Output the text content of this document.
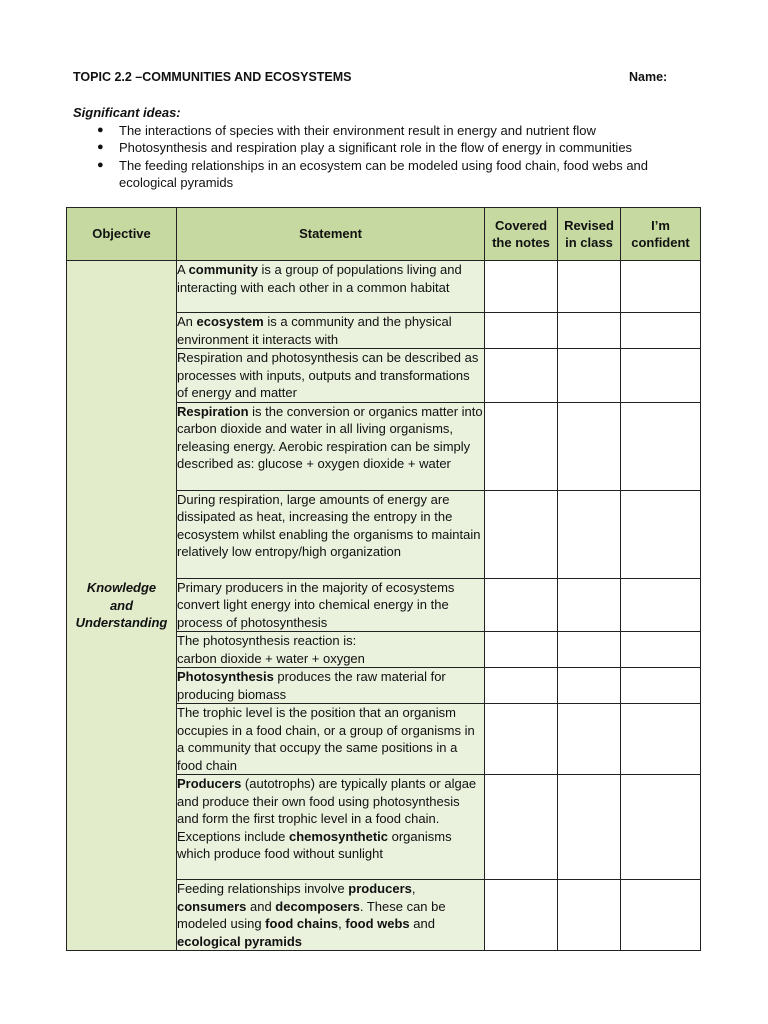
TOPIC 2.2 –COMMUNITIES AND ECOSYSTEMS	Name:
Significant ideas:
● The interactions of species with their environment result in energy and nutrient flow
● Photosynthesis and respiration play a significant role in the flow of energy in communities
● The feeding relationships in an ecosystem can be modeled using food chain, food webs and ecological pyramids
Objective	Statement	Covered the notes	Revised in class	I’m confident

Knowledge
and
Understanding	A community is a group of populations living and interacting with each other in a common habitat			
	An ecosystem is a community and the physical environment it interacts with			
	Respiration and photosynthesis can be described as processes with inputs, outputs and transformations of energy and matter			
	Respiration is the conversion or organics matter into carbon dioxide and water in all living organisms, releasing energy. Aerobic respiration can be simply described as: glucose + oxygen dioxide + water			
	During respiration, large amounts of energy are dissipated as heat, increasing the entropy in the ecosystem whilst enabling the organisms to maintain relatively low entropy/high organization			
	Primary producers in the majority of ecosystems convert light energy into chemical energy in the process of photosynthesis			
	The photosynthesis reaction is:
carbon dioxide + water + oxygen			
	Photosynthesis produces the raw material for producing biomass			
	The trophic level is the position that an organism occupies in a food chain, or a group of organisms in a community that occupy the same positions in a food chain			
	Producers (autotrophs) are typically plants or algae and produce their own food using photosynthesis and form the first trophic level in a food chain. Exceptions include chemosynthetic organisms which produce food without sunlight			
	Feeding relationships involve producers, consumers and decomposers. These can be modeled using food chains, food webs and ecological pyramids			
